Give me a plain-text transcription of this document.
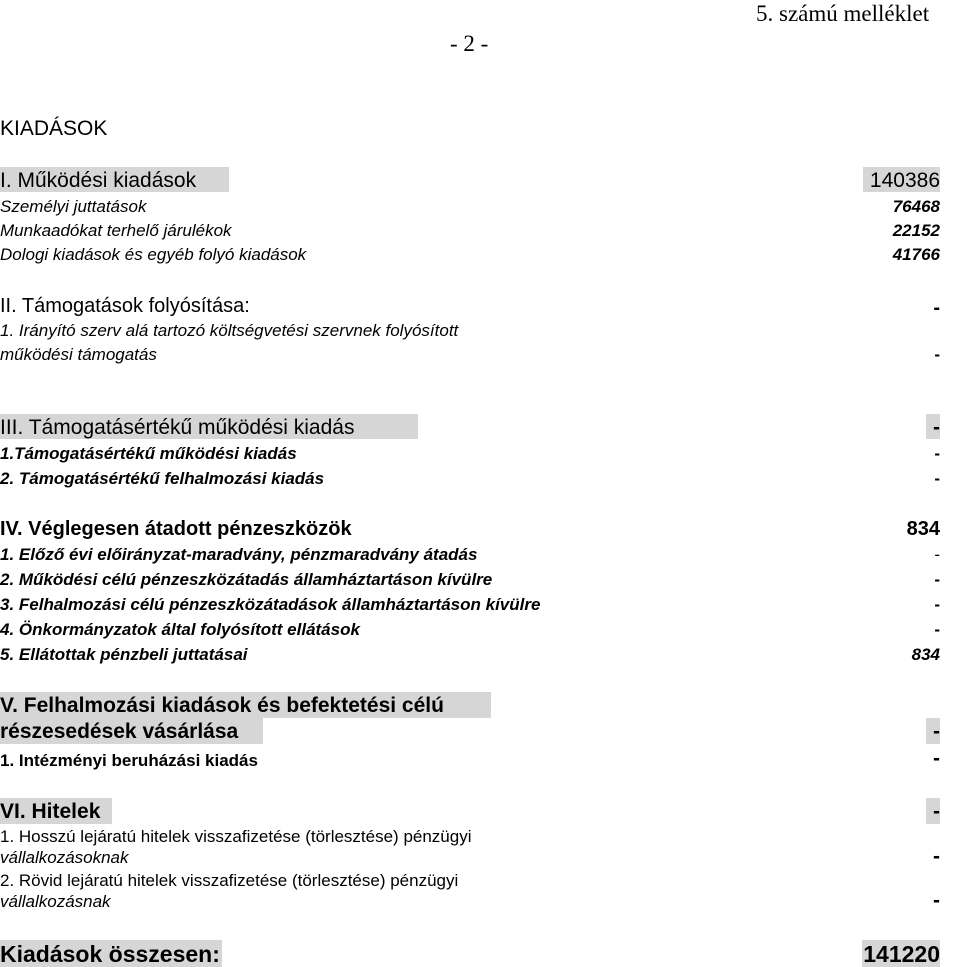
5. számú melléklet
- 2 -
KIADÁSOK
I. Működési kiadások	140386
Személyi juttatások	76468
Munkaadókat terhelő járulékok	22152
Dologi kiadások és egyéb folyó kiadások	41766
II. Támogatások folyósítása:	-
1. Irányító szerv alá tartozó költségvetési szervnek folyósított
működési támogatás	-
III. Támogatásértékű működési kiadás	-
1.Támogatásértékű működési kiadás	-
2. Támogatásértékű felhalmozási kiadás	-
IV. Véglegesen átadott pénzeszközök	834
1. Előző évi előirányzat-maradvány, pénzmaradvány átadás	-
2. Működési célú pénzeszközátadás államháztartáson kívülre	-
3. Felhalmozási célú pénzeszközátadások államháztartáson kívülre	-
4. Önkormányzatok által folyósított ellátások	-
5. Ellátottak pénzbeli juttatásai	834
V. Felhalmozási kiadások és befektetési célú
részesedések vásárlása	-
1. Intézményi beruházási kiadás	-
VI. Hitelek	-
1. Hosszú lejáratú hitelek visszafizetése (törlesztése) pénzügyi
vállalkozásoknak	-
2. Rövid lejáratú hitelek visszafizetése (törlesztése) pénzügyi
vállalkozásnak	-
Kiadások összesen:	141220
